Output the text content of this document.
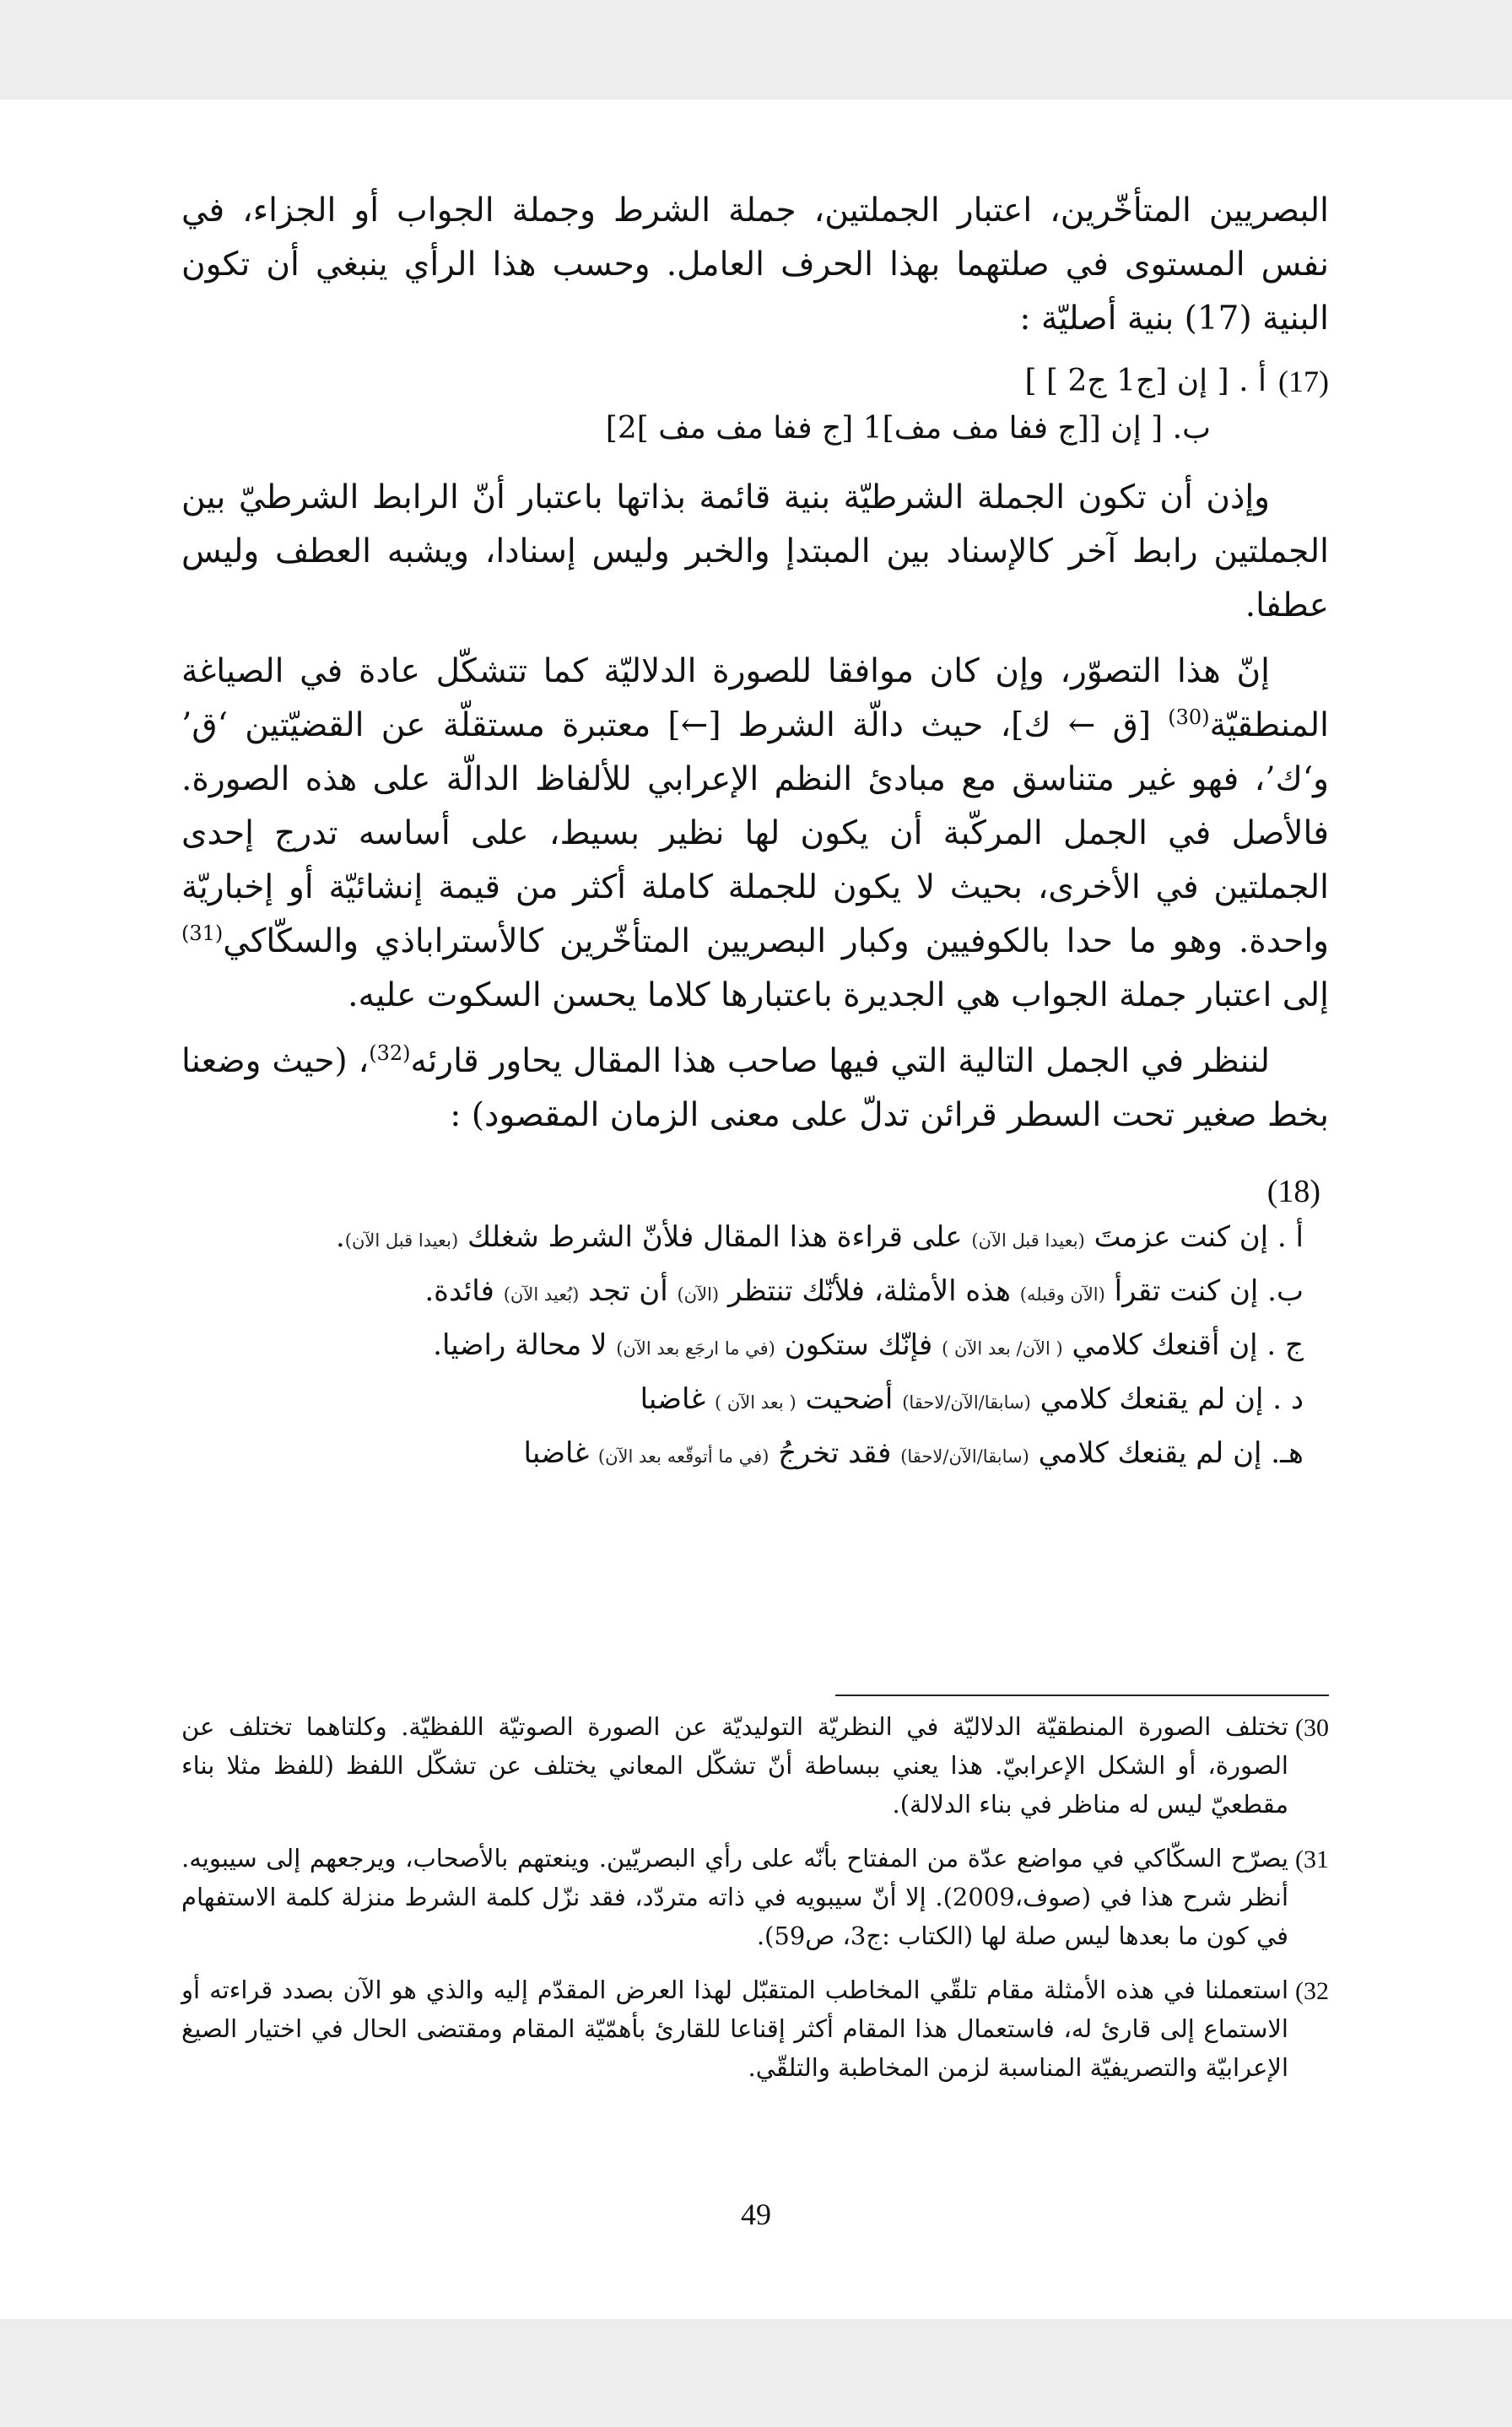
البصريين المتأخّرين، اعتبار الجملتين، جملة الشرط وجملة الجواب أو الجزاء، في نفس المستوى في صلتهما بهذا الحرف العامل. وحسب هذا الرأي ينبغي أن تكون البنية (17) بنية أصليّة :

(17)
أ . [ إن [ج1 ج2 ] ]
ب. [ إن [[ج ففا مف مف]1 [ج ففا مف مف ]2]

وإذن أن تكون الجملة الشرطيّة بنية قائمة بذاتها باعتبار أنّ الرابط الشرطيّ بين الجملتين رابط آخر كالإسناد بين المبتدإ والخبر وليس إسنادا، ويشبه العطف وليس عطفا.

إنّ هذا التصوّر، وإن كان موافقا للصورة الدلاليّة كما تتشكّل عادة في الصياغة المنطقيّة$^{(30)}$ [ق ← ك]، حيث دالّة الشرط [←] معتبرة مستقلّة عن القضيّتين ‘ق’ و‘ك’، فهو غير متناسق مع مبادئ النظم الإعرابي للألفاظ الدالّة على هذه الصورة. فالأصل في الجمل المركّبة أن يكون لها نظير بسيط، على أساسه تدرج إحدى الجملتين في الأخرى، بحيث لا يكون للجملة كاملة أكثر من قيمة إنشائيّة أو إخباريّة واحدة. وهو ما حدا بالكوفيين وكبار البصريين المتأخّرين كالأستراباذي والسكّاكي$^{(31)}$ إلى اعتبار جملة الجواب هي الجديرة باعتبارها كلاما يحسن السكوت عليه.

لننظر في الجمل التالية التي فيها صاحب هذا المقال يحاور قارئه$^{(32)}$، (حيث وضعنا بخط صغير تحت السطر قرائن تدلّ على معنى الزمان المقصود) :

(18)
أ . إن كنت عزمتَ (بعيدا قبل الآن) على قراءة هذا المقال فلأنّ الشرط شغلك (بعيدا قبل الآن).
ب. إن كنت تقرأ (الآن وقبله) هذه الأمثلة، فلأنّك تنتظر (الآن) أن تجد (بُعيد الآن) فائدة.
ج . إن أقنعك كلامي ( الآن/ بعد الآن ) فإنّك ستكون (في ما ارجَع بعد الآن) لا محالة راضيا.
د . إن لم يقنعك كلامي (سابقا/الآن/لاحقا) أضحيت ( بعد الآن ) غاضبا
هـ. إن لم يقنعك كلامي (سابقا/الآن/لاحقا) فقد تخرجُ (في ما أتوقّعه بعد الآن) غاضبا
30)
تختلف الصورة المنطقيّة الدلاليّة في النظريّة التوليديّة عن الصورة الصوتيّة اللفظيّة. وكلتاهما تختلف عن الصورة، أو الشكل الإعرابيّ. هذا يعني ببساطة أنّ تشكّل المعاني يختلف عن تشكّل اللفظ (للفظ مثلا بناء مقطعيّ ليس له مناظر في بناء الدلالة).
31)
يصرّح السكّاكي في مواضع عدّة من المفتاح بأنّه على رأي البصريّين. وينعتهم بالأصحاب، ويرجعهم إلى سيبويه. أنظر شرح هذا في (صوف،2009). إلا أنّ سيبويه في ذاته متردّد، فقد نزّل كلمة الشرط منزلة كلمة الاستفهام في كون ما بعدها ليس صلة لها (الكتاب :ج3، ص59).
32)
استعملنا في هذه الأمثلة مقام تلقّي المخاطب المتقبّل لهذا العرض المقدّم إليه والذي هو الآن بصدد قراءته أو الاستماع إلى قارئ له، فاستعمال هذا المقام أكثر إقناعا للقارئ بأهمّيّة المقام ومقتضى الحال في اختيار الصيغ الإعرابيّة والتصريفيّة المناسبة لزمن المخاطبة والتلقّي.
49
